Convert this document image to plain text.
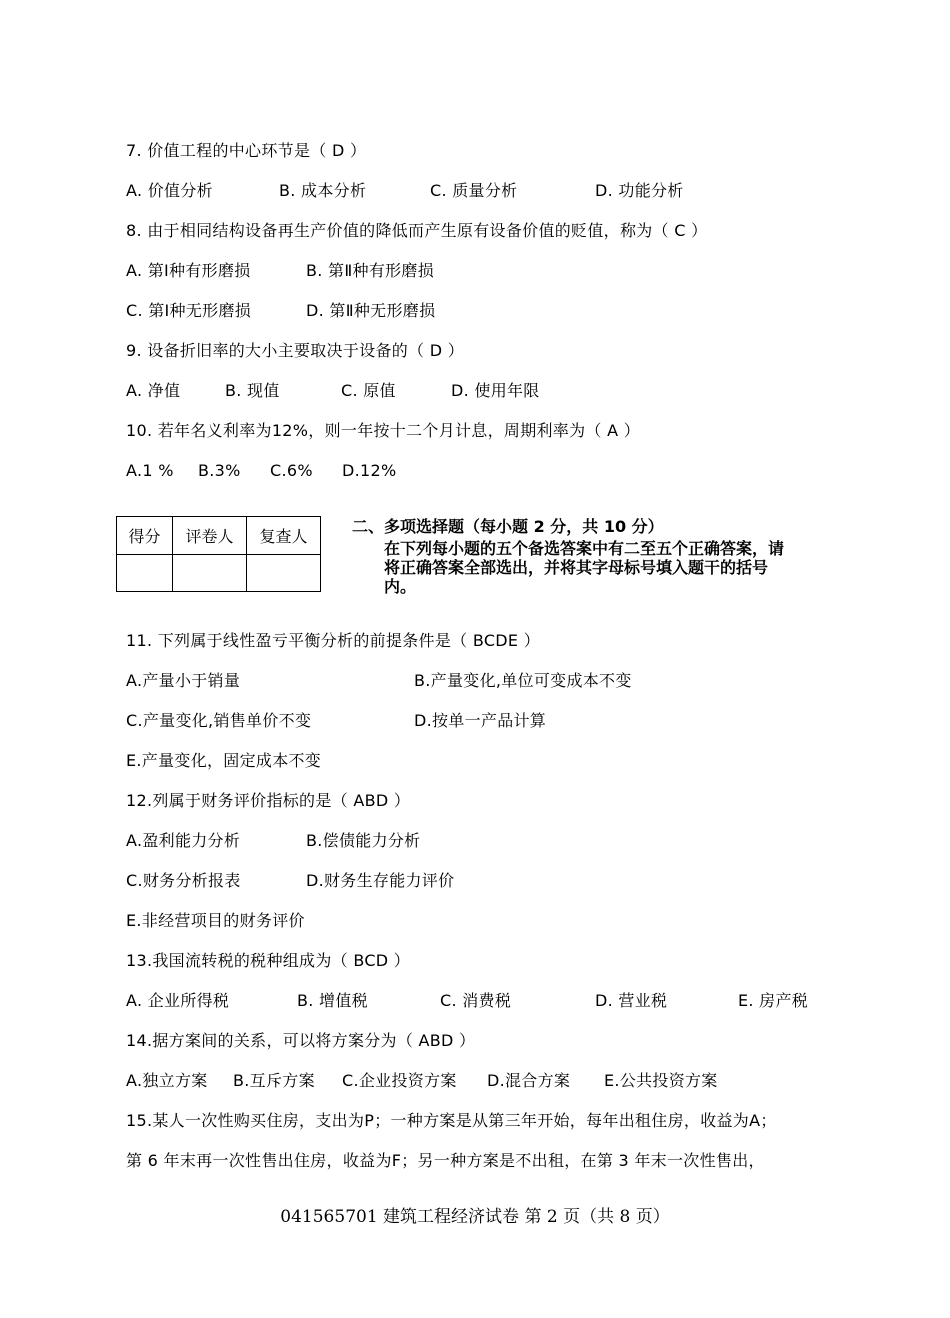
7. 价值工程的中心环节是（ D ）
A. 价值分析	B. 成本分析	C. 质量分析	D. 功能分析
8. 由于相同结构设备再生产价值的降低而产生原有设备价值的贬值，称为（ C ）
A. 第Ⅰ种有形磨损	B. 第Ⅱ种有形磨损
C. 第Ⅰ种无形磨损	D. 第Ⅱ种无形磨损
9. 设备折旧率的大小主要取决于设备的（ D ）
A. 净值	B. 现值	C. 原值	D. 使用年限
10. 若年名义利率为12%，则一年按十二个月计息，周期利率为（ A ）
A.1 % B.3% C.6% D.12%
得分	评卷人	复查人

二、多项选择题（每小题 2 分，共 10 分）
在下列每小题的五个备选答案中有二至五个正确答案，请将正确答案全部选出，并将其字母标号填入题干的括号内。
11. 下列属于线性盈亏平衡分析的前提条件是（ BCDE ）
A.产量小于销量	B.产量变化,单位可变成本不变
C.产量变化,销售单价不变	D.按单一产品计算
E.产量变化，固定成本不变
12.列属于财务评价指标的是（ ABD ）
A.盈利能力分析	B.偿债能力分析
C.财务分析报表	D.财务生存能力评价
E.非经营项目的财务评价
13.我国流转税的税种组成为（ BCD ）
A. 企业所得税	B. 增值税	C. 消费税	D. 营业税	E. 房产税
14.据方案间的关系，可以将方案分为（ ABD ）
A.独立方案 B.互斥方案 C.企业投资方案 D.混合方案 E.公共投资方案
15.某人一次性购买住房，支出为P；一种方案是从第三年开始，每年出租住房，收益为A；
第 6 年末再一次性售出住房，收益为F；另一种方案是不出租，在第 3 年末一次性售出，
041565701 建筑工程经济试卷 第 2 页（共 8 页）
